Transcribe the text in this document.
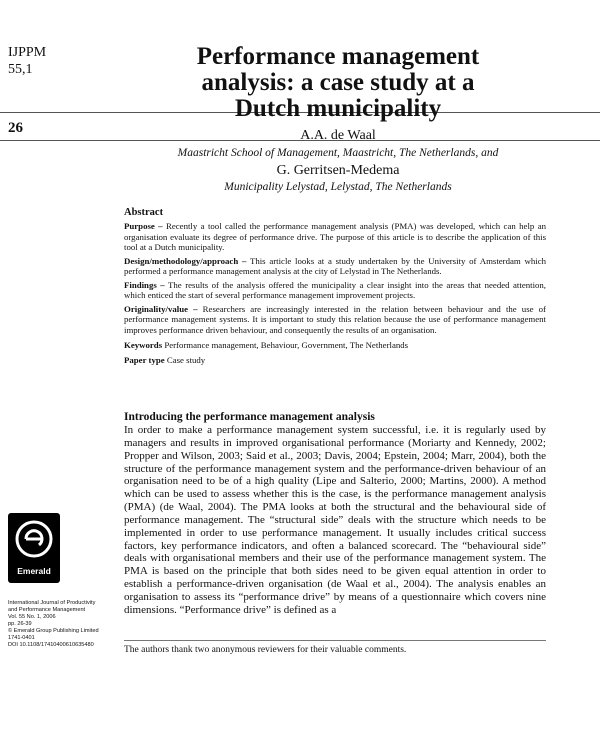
IJPPM
55,1
26
Performance management
analysis: a case study at a
Dutch municipality
A.A. de Waal
Maastricht School of Management, Maastricht, The Netherlands, and
G. Gerritsen-Medema
Municipality Lelystad, Lelystad, The Netherlands
Abstract

Purpose – Recently a tool called the performance management analysis (PMA) was developed, which can help an organisation evaluate its degree of performance drive. The purpose of this article is to describe the application of this tool at a Dutch municipality.

Design/methodology/approach – This article looks at a study undertaken by the University of Amsterdam which performed a performance management analysis at the city of Lelystad in The Netherlands.

Findings – The results of the analysis offered the municipality a clear insight into the areas that needed attention, which enticed the start of several performance management improvement projects.

Originality/value – Researchers are increasingly interested in the relation between behaviour and the use of performance management systems. It is important to study this relation because the use of performance management improves performance driven behaviour, and consequently the results of an organisation.

Keywords Performance management, Behaviour, Government, The Netherlands

Paper type Case study

Introducing the performance management analysis
In order to make a performance management system successful, i.e. it is regularly used by managers and results in improved organisational performance (Moriarty and Kennedy, 2002; Propper and Wilson, 2003; Said et al., 2003; Davis, 2004; Epstein, 2004; Marr, 2004), both the structure of the performance management system and the performance-driven behaviour of an organisation need to be of a high quality (Lipe and Salterio, 2000; Martins, 2000). A method which can be used to assess whether this is the case, is the performance management analysis (PMA) (de Waal, 2004). The PMA looks at both the structural and the behavioural side of performance management. The “structural side” deals with the structure which needs to be implemented in order to use performance management. It usually includes critical success factors, key performance indicators, and often a balanced scorecard. The “behavioural side” deals with organisational members and their use of the performance management system. The PMA is based on the principle that both sides need to be given equal attention in order to establish a performance-driven organisation (de Waal et al., 2004). The analysis enables an organisation to assess its “performance drive” by means of a questionnaire which covers nine dimensions. “Performance drive” is defined as a
The authors thank two anonymous reviewers for their valuable comments.
Emerald
International Journal of Productivity
and Performance Management
Vol. 55 No. 1, 2006
pp. 26-39
© Emerald Group Publishing Limited
1741-0401
DOI 10.1108/17410400610635480
